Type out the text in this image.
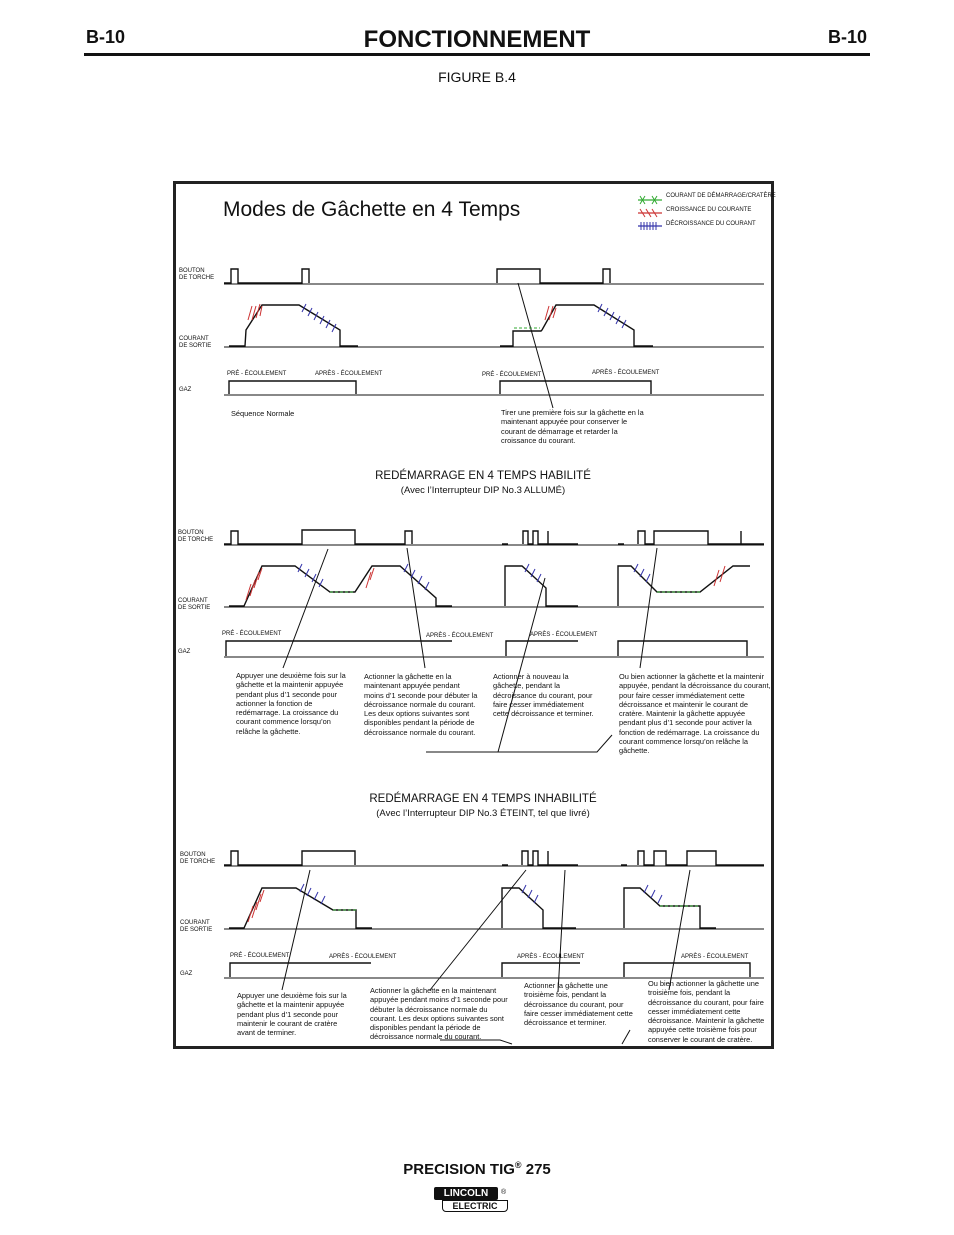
B-10	FONCTIONNEMENT	B-10
FIGURE B.4
Modes de Gâchette en 4 Temps
COURANT DE DÉMARRAGE/CRATÈRE
CROISSANCE DU COURANTE
DÉCROISSANCE DU COURANT
BOUTON
DE TORCHE
COURANT
DE SORTIE
GAZ
PRÉ - ÉCOULEMENT	APRÈS - ÉCOULEMENT	PRÉ - ÉCOULEMENT	APRÈS - ÉCOULEMENT
Séquence Normale	Tirer une première fois sur la gâchette en la maintenant appuyée pour conserver le courant de démarrage et retarder la croissance du courant.
REDÉMARRAGE EN 4 TEMPS HABILITÉ
(Avec l’Interrupteur DIP No.3 ALLUMÉ)
BOUTON
DE TORCHE
COURANT
DE SORTIE
GAZ
PRÉ - ÉCOULEMENT	APRÈS - ÉCOULEMENT	APRÈS - ÉCOULEMENT
Appuyer une deuxième fois sur la gâchette et la maintenir appuyée pendant plus d’1 seconde pour actionner la fonction de redémarrage. La croissance du courant commence lorsqu’on relâche la gâchette.
Actionner la gâchette en la maintenant appuyée pendant moins d’1 seconde pour débuter la décroissance normale du courant. Les deux options suivantes sont disponibles pendant la période de décroissance normale du courant.
Actionner à nouveau la gâchette, pendant la décroissance du courant, pour faire cesser immédiatement cette décroissance et terminer.
Ou bien actionner la gâchette et la maintenir appuyée, pendant la décroissance du courant, pour faire cesser immédiatement cette décroissance et maintenir le courant de cratère. Maintenir la gâchette appuyée pendant plus d’1 seconde pour activer la fonction de redémarrage. La croissance du courant commence lorsqu’on relâche la gâchette.
REDÉMARRAGE EN 4 TEMPS INHABILITÉ
(Avec l’Interrupteur DIP No.3 ÉTEINT, tel que livré)
BOUTON
DE TORCHE
COURANT
DE SORTIE
GAZ
PRÉ - ÉCOULEMENT	APRÈS - ÉCOULEMENT	APRÈS - ÉCOULEMENT	APRÈS - ÉCOULEMENT
Appuyer une deuxième fois sur la gâchette et la maintenir appuyée pendant plus d’1 seconde pour maintenir le courant de cratère avant de terminer.
Actionner la gâchette en la maintenant appuyée pendant moins d’1 seconde pour débuter la décroissance normale du courant. Les deux options suivantes sont disponibles pendant la période de décroissance normale du courant.
Actionner la gâchette une troisième fois, pendant la décroissance du courant, pour faire cesser immédiatement cette décroissance et terminer.
Ou bien actionner la gâchette une troisième fois, pendant la décroissance du courant, pour faire cesser immédiatement cette décroissance. Maintenir la gâchette appuyée cette troisième fois pour conserver le courant de cratère.
PRECISION TIG® 275
LINCOLN
ELECTRIC
®
